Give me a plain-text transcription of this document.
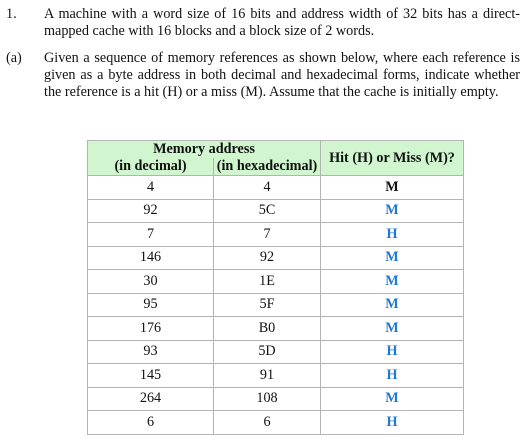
1. A machine with a word size of 16 bits and address width of 32 bits has a direct-mapped cache with 16 blocks and a block size of 2 words.
(a) Given a sequence of memory references as shown below, where each reference is given as a byte address in both decimal and hexadecimal forms, indicate whether the reference is a hit (H) or a miss (M). Assume that the cache is initially empty.
Memory address		Hit (H) or Miss (M)?
(in decimal)	(in hexadecimal)	
4	4	M
92	5C	M
7	7	H
146	92	M
30	1E	M
95	5F	M
176	B0	M
93	5D	H
145	91	H
264	108	M
6	6	H
